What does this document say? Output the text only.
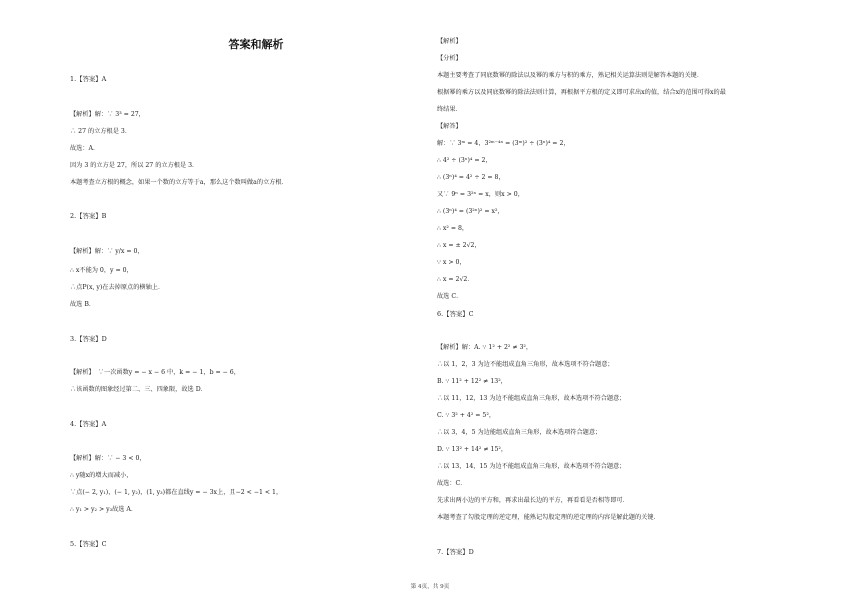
答案和解析
1.【答案】A
【解析】解：∵ 3³ = 27，
∴ 27 的立方根是 3．
故选：A．
因为 3 的立方是 27，所以 27 的立方根是 3．
本题考查立方根的概念，如果一个数的立方等于a，那么这个数叫做a的立方根．
2.【答案】B
【解析】解：∵ y/x = 0，
∴ x不能为 0，y = 0，
∴点P(x, y)在去掉原点的横轴上．
故选 B．
3.【答案】D
【解析】　∵一次函数y = − x − 6 中，k = − 1，b = − 6，
∴该函数的图象经过第二、三、四象限，故选 D．
4.【答案】A
【解析】解：∵ − 3 < 0，
∴ y随x的增大而减小，
∵点(− 2, y₁)，(− 1, y₂)，(1, y₃)都在直线y = − 3x上，且−2 < −1 < 1，
∴ y₁ > y₂ > y₃故选 A．
5.【答案】C
【解析】
【分析】
本题主要考查了同底数幂的除法以及幂的乘方与积的乘方，熟记相关运算法则是解答本题的关键．
根据幂的乘方以及同底数幂的除法法则计算，再根据平方根的定义即可求出x的值，结合x的范围可得x的最
终结果．
【解答】
解：∵ 3ᵐ = 4，3²ᵐ⁻⁴ⁿ = (3ᵐ)² ÷ (3ⁿ)⁴ = 2，
∴ 4² ÷ (3ⁿ)⁴ = 2，
∴ (3ⁿ)⁴ = 4² ÷ 2 = 8，
又∵ 9ⁿ = 3²ⁿ = x，则x > 0，
∴ (3ⁿ)⁴ = (3²ⁿ)² = x²，
∴ x² = 8，
∴ x = ± 2√2，
∵ x > 0，
∴ x = 2√2．
故选 C．
6.【答案】C
【解析】解：A. ∵ 1² + 2² ≠ 3²，
∴以 1，2，3 为边不能组成直角三角形，故本选项不符合题意；
B. ∵ 11² + 12² ≠ 13²，
∴以 11，12，13 为边不能组成直角三角形，故本选项不符合题意；
C. ∵ 3² + 4² = 5²，
∴以 3，4，5 为边能组成直角三角形，故本选项符合题意；
D. ∵ 13² + 14² ≠ 15²，
∴以 13，14，15 为边不能组成直角三角形，故本选项不符合题意；
故选：C．
先求出两小边的平方和，再求出最长边的平方，再看看是否相等即可．
本题考查了勾股定理的逆定理，能熟记勾股定理的逆定理的内容是解此题的关键．
7.【答案】D
第 4页，共 9页
